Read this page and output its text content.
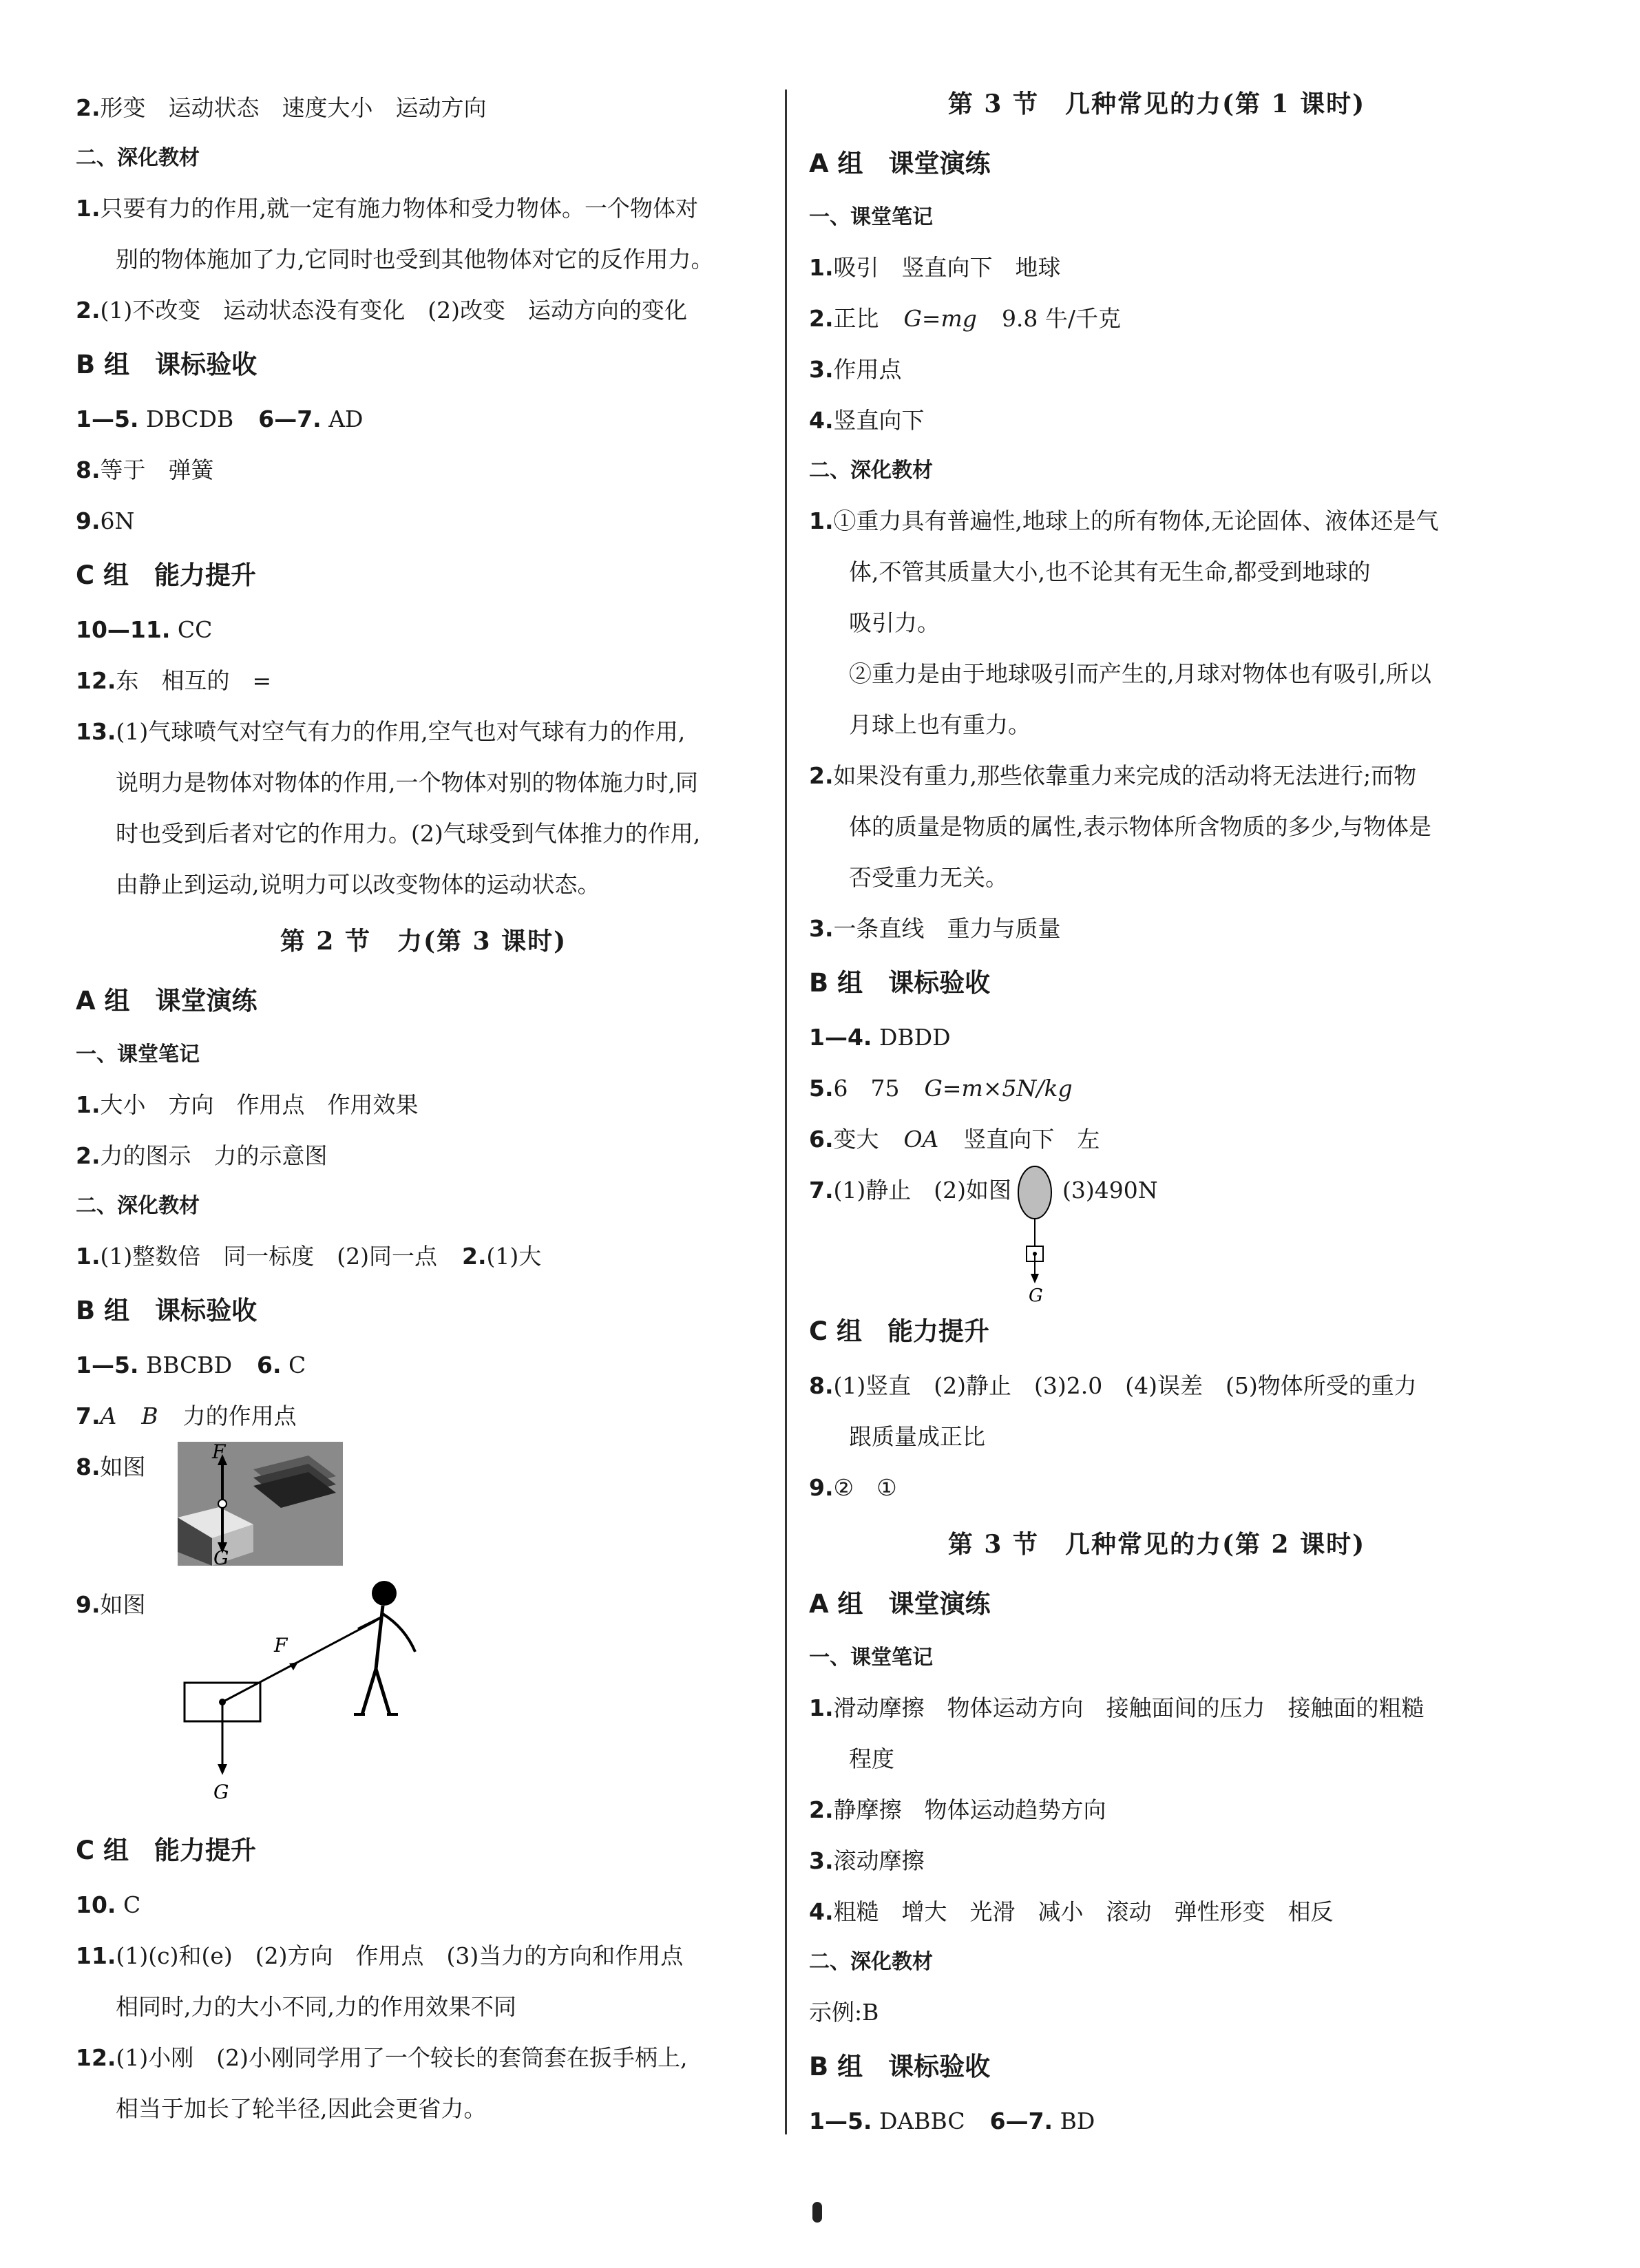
2.形变　运动状态　速度大小　运动方向
二、深化教材
1.只要有力的作用,就一定有施力物体和受力物体。一个物体对
别的物体施加了力,它同时也受到其他物体对它的反作用力。
2.(1)不改变　运动状态没有变化　(2)改变　运动方向的变化
B 组　课标验收
1—5. DBCDB 6—7. AD
8.等于　弹簧
9.6N
C 组　能力提升
10—11. CC
12.东　相互的　=
13.(1)气球喷气对空气有力的作用,空气也对气球有力的作用,
说明力是物体对物体的作用,一个物体对别的物体施力时,同
时也受到后者对它的作用力。(2)气球受到气体推力的作用,
由静止到运动,说明力可以改变物体的运动状态。
第 2 节　力(第 3 课时)
A 组　课堂演练
一、课堂笔记
1.大小　方向　作用点　作用效果
2.力的图示　力的示意图
二、深化教材
1.(1)整数倍　同一标度　(2)同一点 2.(1)大
B 组　课标验收
1—5. BBCBD 6. C
7.A B 力的作用点
8.如图
F
G
9.如图
F
G
C 组　能力提升
10. C
11.(1)(c)和(e)　(2)方向　作用点　(3)当力的方向和作用点
相同时,力的大小不同,力的作用效果不同
12.(1)小刚　(2)小刚同学用了一个较长的套筒套在扳手柄上,
相当于加长了轮半径,因此会更省力。
第 3 节　几种常见的力(第 1 课时)
A 组　课堂演练
一、课堂笔记
1.吸引　竖直向下　地球
2.正比 G=mg 9.8 牛/千克
3.作用点
4.竖直向下
二、深化教材
1.①重力具有普遍性,地球上的所有物体,无论固体、液体还是气
体,不管其质量大小,也不论其有无生命,都受到地球的
吸引力。
②重力是由于地球吸引而产生的,月球对物体也有吸引,所以
月球上也有重力。
2.如果没有重力,那些依靠重力来完成的活动将无法进行;而物
体的质量是物质的属性,表示物体所含物质的多少,与物体是
否受重力无关。
3.一条直线　重力与质量
B 组　课标验收
1—4. DBDD
5.6　75 G=m×5N/kg
6.变大 OA 竖直向下　左
7.(1)静止　(2)如图
G
(3)490N
C 组　能力提升
8.(1)竖直　(2)静止　(3)2.0　(4)误差　(5)物体所受的重力
跟质量成正比
9.②　①
第 3 节　几种常见的力(第 2 课时)
A 组　课堂演练
一、课堂笔记
1.滑动摩擦　物体运动方向　接触面间的压力　接触面的粗糙
程度
2.静摩擦　物体运动趋势方向
3.滚动摩擦
4.粗糙　增大　光滑　减小　滚动　弹性形变　相反
二、深化教材
示例:B
B 组　课标验收
1—5. DABBC 6—7. BD
